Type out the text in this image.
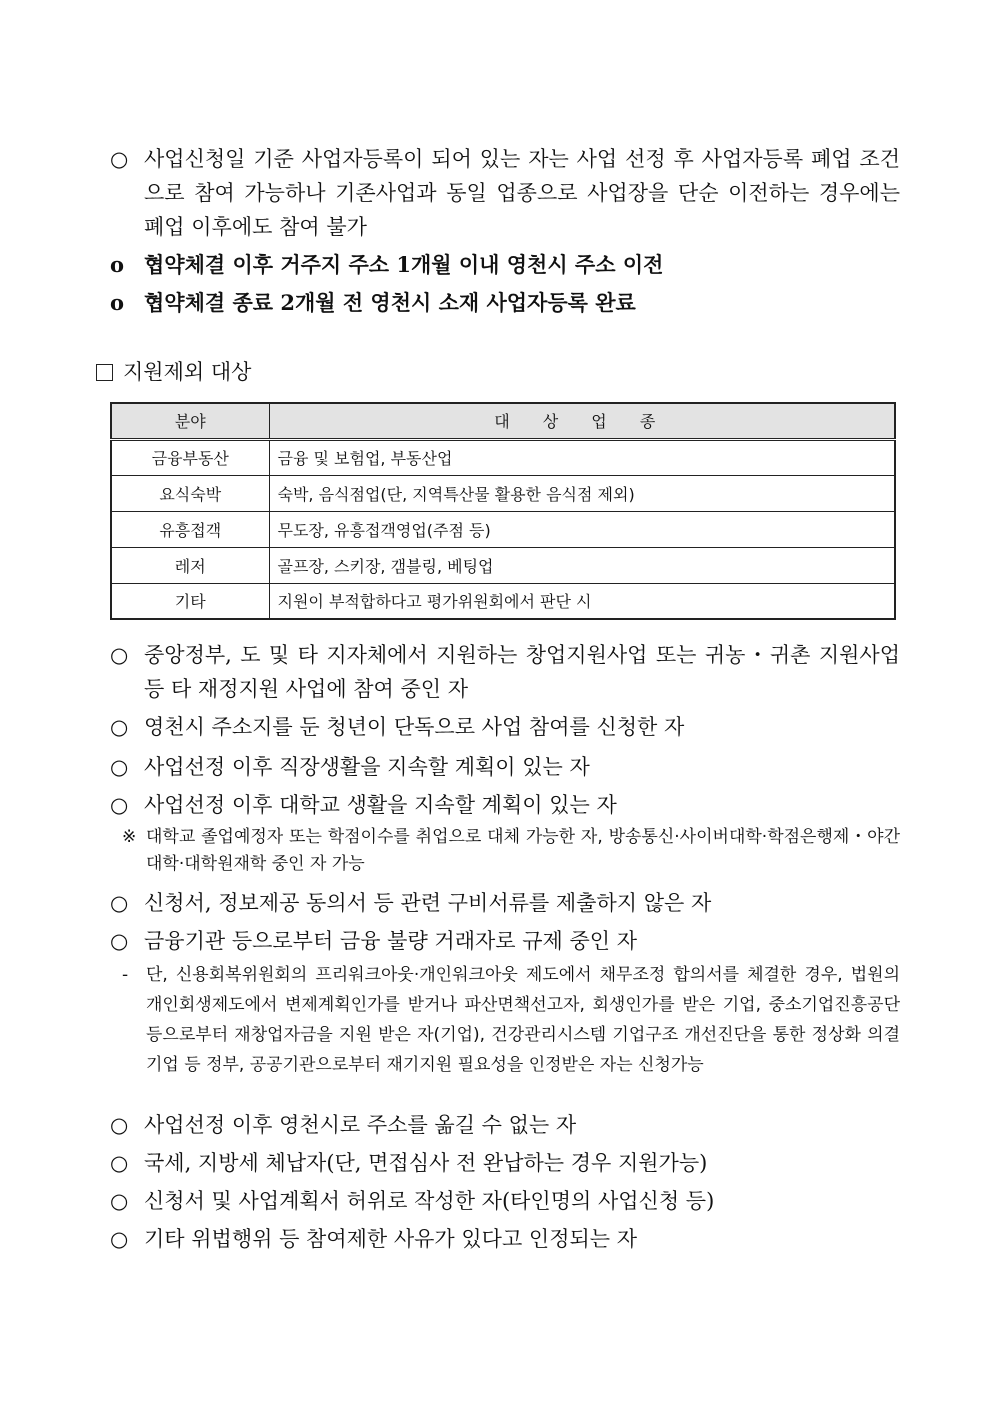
○ 사업신청일 기준 사업자등록이 되어 있는 자는 사업 선정 후 사업자등록 폐업 조건으로 참여 가능하나 기존사업과 동일 업종으로 사업장을 단순 이전하는 경우에는 폐업 이후에도 참여 불가
o 협약체결 이후 거주지 주소 1개월 이내 영천시 주소 이전
o 협약체결 종료 2개월 전 영천시 소재 사업자등록 완료
지원제외 대상
분야	대 상 업 종
금융부동산	금융 및 보험업, 부동산업
요식숙박	숙박, 음식점업(단, 지역특산물 활용한 음식점 제외)
유흥접객	무도장, 유흥접객영업(주점 등)
레저	골프장, 스키장, 갬블링, 베팅업
기타	지원이 부적합하다고 평가위원회에서 판단 시
○ 중앙정부, 도 및 타 지자체에서 지원하는 창업지원사업 또는 귀농・귀촌 지원사업 등 타 재정지원 사업에 참여 중인 자
○ 영천시 주소지를 둔 청년이 단독으로 사업 참여를 신청한 자
○ 사업선정 이후 직장생활을 지속할 계획이 있는 자
○ 사업선정 이후 대학교 생활을 지속할 계획이 있는 자
※ 대학교 졸업예정자 또는 학점이수를 취업으로 대체 가능한 자, 방송통신·사이버대학·학점은행제・야간대학·대학원재학 중인 자 가능
○ 신청서, 정보제공 동의서 등 관련 구비서류를 제출하지 않은 자
○ 금융기관 등으로부터 금융 불량 거래자로 규제 중인 자
- 단, 신용회복위원회의 프리워크아웃·개인워크아웃 제도에서 채무조정 합의서를 체결한 경우, 법원의 개인회생제도에서 변제계획인가를 받거나 파산면책선고자, 회생인가를 받은 기업, 중소기업진흥공단 등으로부터 재창업자금을 지원 받은 자(기업), 건강관리시스템 기업구조 개선진단을 통한 정상화 의결기업 등 정부, 공공기관으로부터 재기지원 필요성을 인정받은 자는 신청가능
○ 사업선정 이후 영천시로 주소를 옮길 수 없는 자
○ 국세, 지방세 체납자(단, 면접심사 전 완납하는 경우 지원가능)
○ 신청서 및 사업계획서 허위로 작성한 자(타인명의 사업신청 등)
○ 기타 위법행위 등 참여제한 사유가 있다고 인정되는 자
